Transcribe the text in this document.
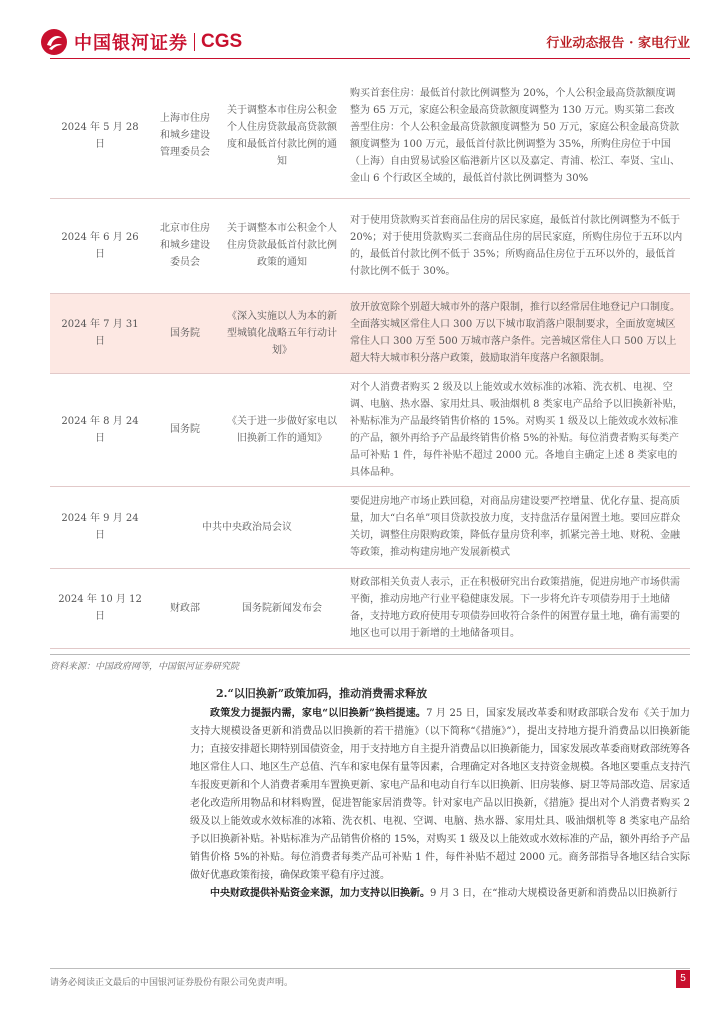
中国银河证券 CGS	行业动态报告 · 家电行业
2024 年 5 月 28 日	上海市住房和城乡建设管理委员会	关于调整本市住房公积金个人住房贷款最高贷款额度和最低首付款比例的通知	购买首套住房：最低首付款比例调整为 20%，个人公积金最高贷款额度调整为 65 万元，家庭公积金最高贷款额度调整为 130 万元。购买第二套改善型住房：个人公积金最高贷款额度调整为 50 万元，家庭公积金最高贷款额度调整为 100 万元，最低首付款比例调整为 35%，所购住房位于中国（上海）自由贸易试验区临港新片区以及嘉定、青浦、松江、奉贤、宝山、金山 6 个行政区全域的，最低首付款比例调整为 30%
2024 年 6 月 26 日	北京市住房和城乡建设委员会	关于调整本市公积金个人住房贷款最低首付款比例政策的通知	对于使用贷款购买首套商品住房的居民家庭，最低首付款比例调整为不低于 20%；对于使用贷款购买二套商品住房的居民家庭，所购住房位于五环以内的，最低首付款比例不低于 35%；所购商品住房位于五环以外的，最低首付款比例不低于 30%。
2024 年 7 月 31 日	国务院	《深入实施以人为本的新型城镇化战略五年行动计划》	放开放宽除个别超大城市外的落户限制，推行以经常居住地登记户口制度。全面落实城区常住人口 300 万以下城市取消落户限制要求，全面放宽城区常住人口 300 万至 500 万城市落户条件。完善城区常住人口 500 万以上超大特大城市积分落户政策，鼓励取消年度落户名额限制。
2024 年 8 月 24 日	国务院	《关于进一步做好家电以旧换新工作的通知》	对个人消费者购买 2 级及以上能效或水效标准的冰箱、洗衣机、电视、空调、电脑、热水器、家用灶具、吸油烟机 8 类家电产品给予以旧换新补贴，补贴标准为产品最终销售价格的 15%。对购买 1 级及以上能效或水效标准的产品，额外再给予产品最终销售价格 5%的补贴。每位消费者购买每类产品可补贴 1 件，每件补贴不超过 2000 元。各地自主确定上述 8 类家电的具体品种。
2024 年 9 月 24 日	中共中央政治局会议		要促进房地产市场止跌回稳，对商品房建设要严控增量、优化存量、提高质量，加大“白名单”项目贷款投放力度，支持盘活存量闲置土地。要回应群众关切，调整住房限购政策，降低存量房贷利率，抓紧完善土地、财税、金融等政策，推动构建房地产发展新模式
2024 年 10 月 12 日	财政部	国务院新闻发布会	财政部相关负责人表示，正在积极研究出台政策措施，促进房地产市场供需平衡，推动房地产行业平稳健康发展。下一步将允许专项债券用于土地储备，支持地方政府使用专项债券回收符合条件的闲置存量土地，确有需要的地区也可以用于新增的土地储备项目。
资料来源：中国政府网等，中国银河证券研究院
2.“以旧换新”政策加码，推动消费需求释放

政策发力提振内需，家电“以旧换新”换档提速。7 月 25 日，国家发展改革委和财政部联合发布《关于加力支持大规模设备更新和消费品以旧换新的若干措施》（以下简称“《措施》”），提出支持地方提升消费品以旧换新能力；直接安排超长期特别国债资金，用于支持地方自主提升消费品以旧换新能力，国家发展改革委商财政部统筹各地区常住人口、地区生产总值、汽车和家电保有量等因素，合理确定对各地区支持资金规模。各地区要重点支持汽车报废更新和个人消费者乘用车置换更新、家电产品和电动自行车以旧换新、旧房装修、厨卫等局部改造、居家适老化改造所用物品和材料购置，促进智能家居消费等。针对家电产品以旧换新，《措施》提出对个人消费者购买 2 级及以上能效或水效标准的冰箱、洗衣机、电视、空调、电脑、热水器、家用灶具、吸油烟机等 8 类家电产品给予以旧换新补贴。补贴标准为产品销售价格的 15%，对购买 1 级及以上能效或水效标准的产品，额外再给予产品销售价格 5%的补贴。每位消费者每类产品可补贴 1 件，每件补贴不超过 2000 元。商务部指导各地区结合实际做好优惠政策衔接，确保政策平稳有序过渡。

中央财政提供补贴资金来源，加力支持以旧换新。9 月 3 日，在“推动大规模设备更新和消费品以旧换新行

请务必阅读正文最后的中国银河证券股份有限公司免责声明。	5
